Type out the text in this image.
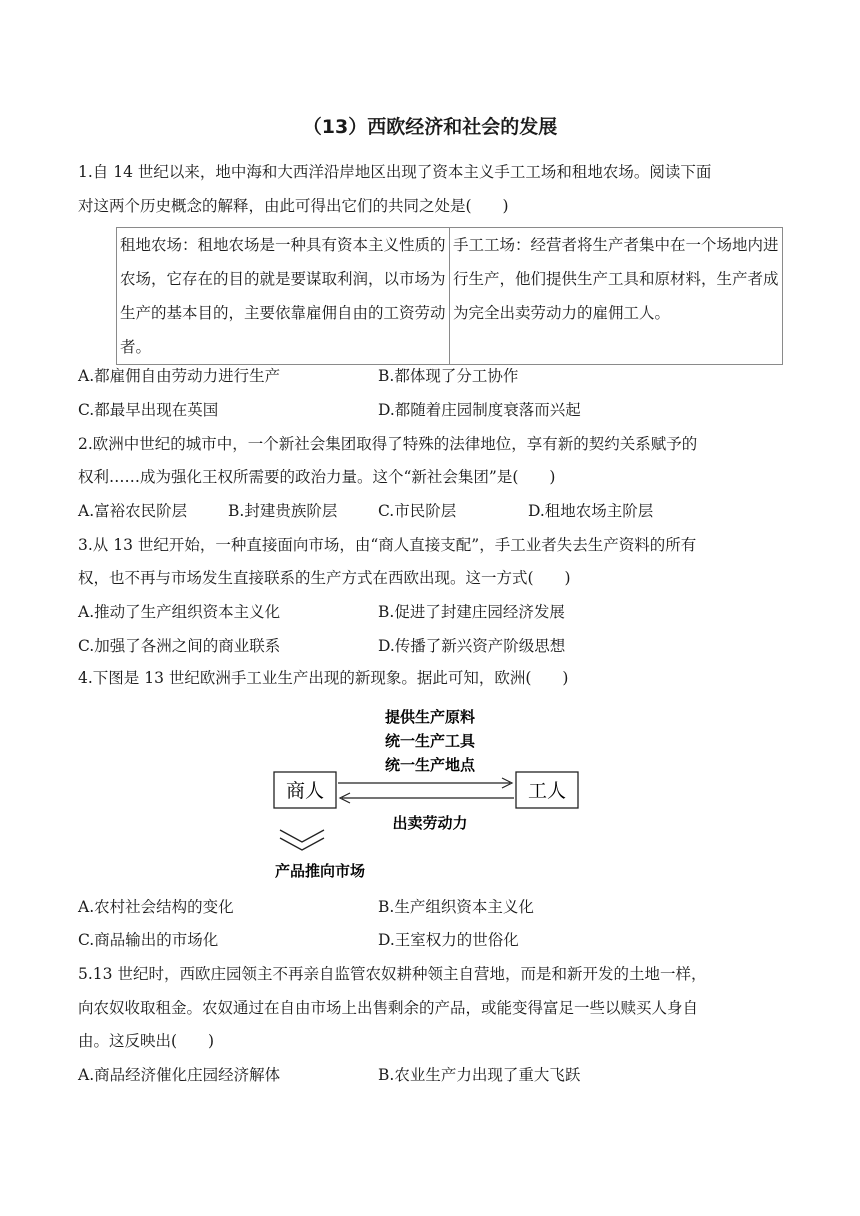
（13）西欧经济和社会的发展
1.自 14 世纪以来，地中海和大西洋沿岸地区出现了资本主义手工工场和租地农场。阅读下面
对这两个历史概念的解释，由此可得出它们的共同之处是(　　)
租地农场：租地农场是一种具有资本主义性质的农场，它存在的目的就是要谋取利润，以市场为生产的基本目的，主要依靠雇佣自由的工资劳动者。	手工工场：经营者将生产者集中在一个场地内进行生产，他们提供生产工具和原材料，生产者成为完全出卖劳动力的雇佣工人。
A.都雇佣自由劳动力进行生产	B.都体现了分工协作
C.都最早出现在英国	D.都随着庄园制度衰落而兴起
2.欧洲中世纪的城市中，一个新社会集团取得了特殊的法律地位，享有新的契约关系赋予的
权利……成为强化王权所需要的政治力量。这个“新社会集团”是(　　)
A.富裕农民阶层	B.封建贵族阶层	C.市民阶层	D.租地农场主阶层
3.从 13 世纪开始，一种直接面向市场，由“商人直接支配”，手工业者失去生产资料的所有
权，也不再与市场发生直接联系的生产方式在西欧出现。这一方式(　　)
A.推动了生产组织资本主义化	B.促进了封建庄园经济发展
C.加强了各洲之间的商业联系	D.传播了新兴资产阶级思想
4.下图是 13 世纪欧洲手工业生产出现的新现象。据此可知，欧洲(　　)
提供生产原料
统一生产工具
统一生产地点
商人	工人
出卖劳动力
产品推向市场
A.农村社会结构的变化	B.生产组织资本主义化
C.商品输出的市场化	D.王室权力的世俗化
5.13 世纪时，西欧庄园领主不再亲自监管农奴耕种领主自营地，而是和新开发的土地一样，
向农奴收取租金。农奴通过在自由市场上出售剩余的产品，或能变得富足一些以赎买人身自
由。这反映出(　　)
A.商品经济催化庄园经济解体	B.农业生产力出现了重大飞跃
